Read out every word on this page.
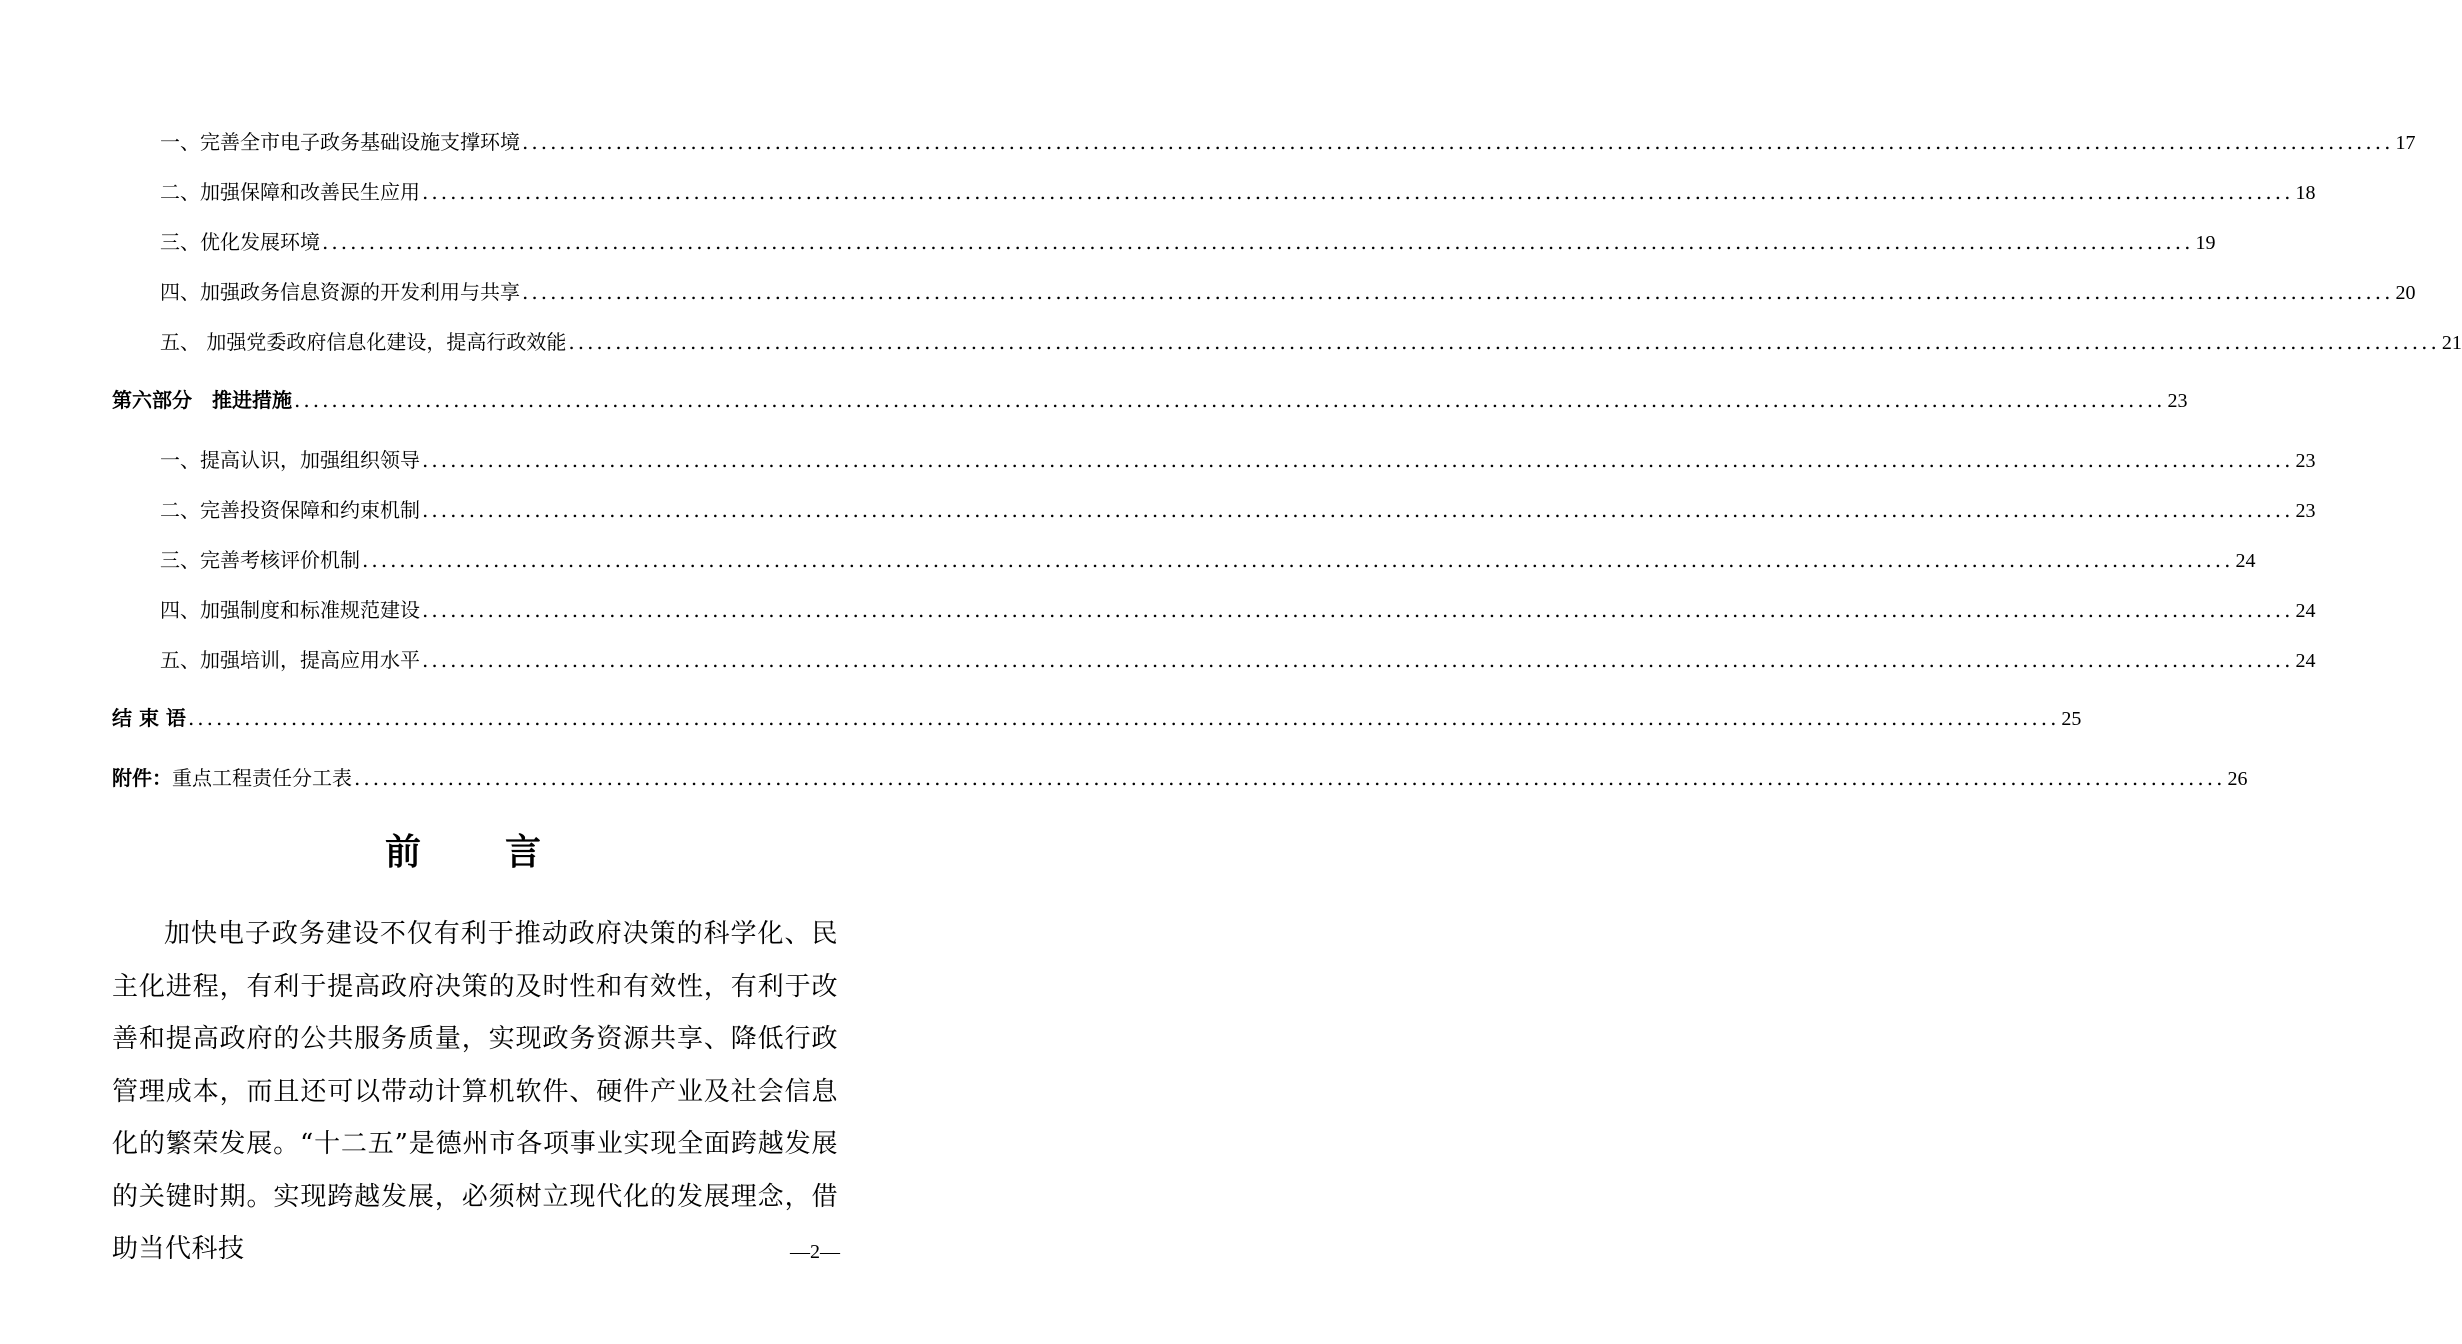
一、完善全市电子政务基础设施支撑环境 ........................................................................................................................................................................................................ 17
二、加强保障和改善民生应用 ........................................................................................................................................................................................................ 18
三、优化发展环境 ........................................................................................................................................................................................................ 19
四、加强政务信息资源的开发利用与共享 ........................................................................................................................................................................................................ 20
五、 加强党委政府信息化建设，提高行政效能 ........................................................................................................................................................................................................ 21
第六部分　推进措施 ........................................................................................................................................................................................................ 23
一、提高认识，加强组织领导 ........................................................................................................................................................................................................ 23
二、完善投资保障和约束机制 ........................................................................................................................................................................................................ 23
三、完善考核评价机制 ........................................................................................................................................................................................................ 24
四、加强制度和标准规范建设 ........................................................................................................................................................................................................ 24
五、加强培训，提高应用水平 ........................................................................................................................................................................................................ 24
结 束 语 ........................................................................................................................................................................................................ 25
附件：重点工程责任分工表 ........................................................................................................................................................................................................ 26
前　言
加快电子政务建设不仅有利于推动政府决策的科学化、民主化进程，有利于提高政府决策的及时性和有效性，有利于改善和提高政府的公共服务质量，实现政务资源共享、降低行政管理成本，而且还可以带动计算机软件、硬件产业及社会信息化的繁荣发展。“十二五”是德州市各项事业实现全面跨越发展的关键时期。实现跨越发展，必须树立现代化的发展理念，借助当代科技	—2—
